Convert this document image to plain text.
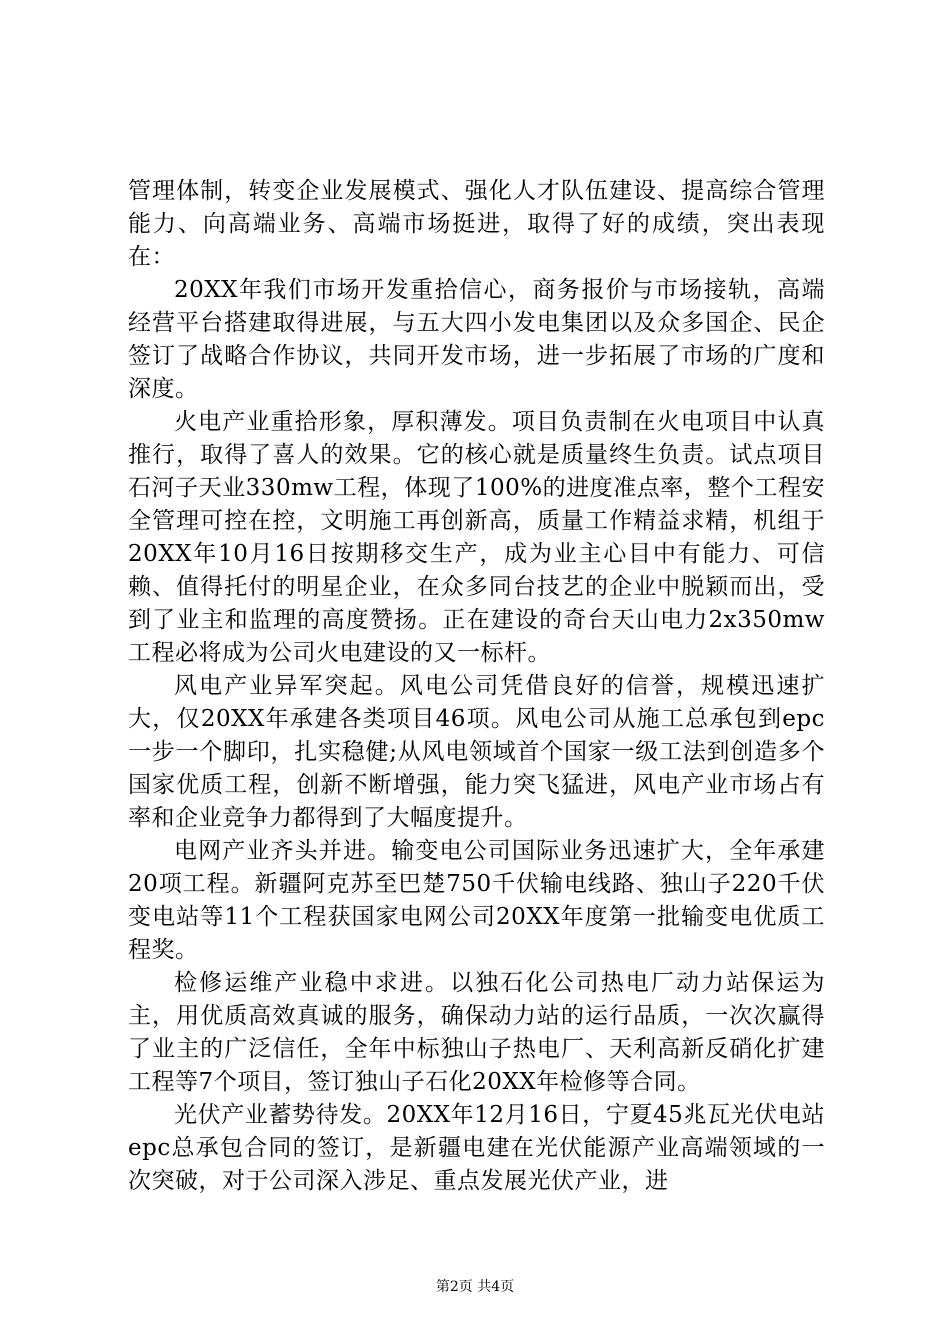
管理体制，转变企业发展模式、强化人才队伍建设、提高综合管理能力、向高端业务、高端市场挺进，取得了好的成绩，突出表现在：

20XX年我们市场开发重拾信心，商务报价与市场接轨，高端经营平台搭建取得进展，与五大四小发电集团以及众多国企、民企签订了战略合作协议，共同开发市场，进一步拓展了市场的广度和深度。

火电产业重拾形象，厚积薄发。项目负责制在火电项目中认真推行，取得了喜人的效果。它的核心就是质量终生负责。试点项目石河子天业330mw工程，体现了100%的进度准点率，整个工程安全管理可控在控，文明施工再创新高，质量工作精益求精，机组于20XX年10月16日按期移交生产，成为业主心目中有能力、可信赖、值得托付的明星企业，在众多同台技艺的企业中脱颖而出，受到了业主和监理的高度赞扬。正在建设的奇台天山电力2x350mw工程必将成为公司火电建设的又一标杆。

风电产业异军突起。风电公司凭借良好的信誉，规模迅速扩大，仅20XX年承建各类项目46项。风电公司从施工总承包到epc一步一个脚印，扎实稳健;从风电领域首个国家一级工法到创造多个国家优质工程，创新不断增强，能力突飞猛进，风电产业市场占有率和企业竞争力都得到了大幅度提升。

电网产业齐头并进。输变电公司国际业务迅速扩大，全年承建20项工程。新疆阿克苏至巴楚750千伏输电线路、独山子220千伏变电站等11个工程获国家电网公司20XX年度第一批输变电优质工程奖。

检修运维产业稳中求进。以独石化公司热电厂动力站保运为主，用优质高效真诚的服务，确保动力站的运行品质，一次次赢得了业主的广泛信任，全年中标独山子热电厂、天利高新反硝化扩建工程等7个项目，签订独山子石化20XX年检修等合同。

光伏产业蓄势待发。20XX年12月16日，宁夏45兆瓦光伏电站epc总承包合同的签订，是新疆电建在光伏能源产业高端领域的一次突破，对于公司深入涉足、重点发展光伏产业，进

第2页 共4页
